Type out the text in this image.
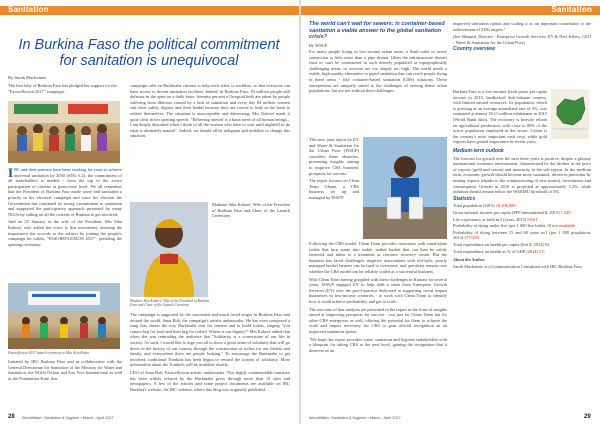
Sanitation
In Burkina Faso the political commitment for sanitation is unequivocal
By Sarah Mackenzie
The first lady of Burkina Faso has pledged her support for the "Fasoreflexion 2017" campaign.

IRC and their partners have been working for years to achieve universal sanitation by 2030 (SDG 6.2), the commitment of all stakeholders is needed - from the top to the active participation of citizens at grass-roots level. We all remember that the President of Burkina Faso made water and sanitation a priority in his electoral campaign and since his election the Government has continued its strong commitment to sanitation and supported the participatory approach promoted by many NGOs by calling on all the citizens of Burkina to get involved.

And on 25 January, in the wife of the President, Mrs Sika Kaboré, who added her voice to this movement, showing the importance she accords to the subject by joining the people's campaign for toilets, "FASOREFLEXION 2017", presiding the opening ceremony.

Fasoreflexion 2017 launch ceremony in Mac Aria Kaziri

Initiated by IRC Burkina Faso and in collaboration with the General Directorate for Sanitation of the Ministry for Water and Sanitation, the NGOs Oxfam and Eau Vive International as well as the Foundation Kiné, this

campaign calls on Burkinabe citizens to help each other, to mobilise, so that everyone can have access to decent sanitation facilities. Indeed, in Burkina Faso, 93 million people still defecate in the open on a daily basis. Seventy percent of hospital beds are taken by people suffering from illnesses caused by a lack of sanitation and every day 84 million women risk their safety, dignity and their health because they are forced to hide in the bush to relieve themselves. The situation is unacceptable and distressing; Mrs Kaboré made it quite clear in her opening speech: "Relieving oneself is a basic need of all human beings... I am deeply disturbed when I think of all the women who have to wait until nightfall to do what is ultimately natural". Indeed, we should all be indignant and mobilise to change this situation.

Madame Sika Kaboré, Wife of the President of Burkina Faso and Chair of the Launch Ceremony

Madame Sika Kaboré, Wife of the President of Burkina Faso and Chair of the Launch Ceremony.

The campaign is supported by the concerned and much loved singer in Burkina Faso and around the world, Sana Bob, the campaign's artistic ambassador. He has even composed a song that cheers the way Burkinabe sent for cement and to build toilets, singing "you cannot beg for food and then beg for toilets! Where is our dignity?" Mrs Kaboré added that when she was reminding the audience that "Solidarity is a cornerstone of our life in society. As such, I would like to urge you all to show a great sense of solidarity that will go down in the history of our country through the construction of toilets for our friends and family, and everywhere there are people looking." To encourage the Burkinabe to get involved, traditional Tombola has been begun to reward the actions of solidarity. More information about the Tombola will be available shortly.

CEO of Sana Bob, Fasoreflexion artistic ambassador. This highly commendable initiative has been widely relayed by the Burkinabe press through more than 15 sites and newspapers. A few of the articles and some project documents are available on IRC Burkina's website, the IRC website, where this blog was originally published.

28 WorldWater: Sanitation & Hygiene • March - April 2017
Sanitation
The world can't wait for sewers: Is container-based sanitation a viable answer to the global sanitation crisis?

By WSUP

For many people living in low-income urban areas, a flush toilet or sewer connection is little more than a pipe dream. Often the infrastructure doesn't exist or can't be constructed in such densely populated or topographically challenging areas, or services are too simply too high. The world needs a viable, high-quality alternative to piped sanitation that can reach people living in these areas - like container-based sanitation (CBS) solutions. These entrepreneur are uniquely suited to the challenges of serving dense urban populations, but are not without their challenges.

This new joint report by EY and Water & Sanitation for the Urban Poor (WSUP) considers these obstacles, presenting insights aiming to improve CBS business' prospects for success.

The report focuses on Clean Team Ghana, a CBS business set up and managed by WSUP.

Following the CBS model, Clean Team provides customers with stand-alone toilets that turn waste into stable, sealed bucket that can then be safely removed and taken to a treatment or resource recovery centre. But the business has faced challenges: negative associations with old-style, poorly managed bucket latrines can be hard to overcome, and questions remain over whether the CBS model can be reliably scaled as a successful business.

With Clean Team having grappled with these challenges in Kumasi for several years, WSUP engaged EY to help shift a team from Enterprise Growth Services (EY) over the proof-practice dedicated to supporting social impact businesses in low-income countries - to work with Clean Team to identify how it could achieve profitability and get to scale.

The outcome of that analysis are presented in the report in the form of insights aimed at improving prospects for success - not just for Clean Team but for other CBS enterprises as well, offering the potential for them to achieve the scale and impact necessary for CBS to gain official recognition as an improved sanitation option.

"We hope this report provides water, sanitation and hygiene stakeholders with a blueprint for taking CBS to the next level, gaining the recognition that it deserves as an

improved sanitation option and scaling it as an important contributor to the achievement of SDG targets."

(Joe Shepard, Director - Enterprise Growth Services, EY & Neil Jeffery, CEO - Water & Sanitation for the Urban Poor)

Country overview

Burkina Faso is a low-income (fault prone per capita income in 2015, landlocked Sub-Saharan country, with limited natural resources. Its population, which is growing at an average annualized rate of 3%, was estimated at almost 18.11 million inhabitants in 2015 (World Bank data). The economy is heavily reliant on agricultural production, with close to 80% of the active population employed in the sector. Cotton is the country's most important cash crop, while gold exports have gained importance in recent years.

Medium-term outlook

The forecast for growth over the next three years is positive, despite a gloomy international economic environment, characterized by the decline in the price of exports (gold and cotton) and insecurity in the sub-region. In the medium term, economic growth should become more sustained, driven in particular by mining exports (thanks to the commissioning of new mines), investments and consumption. Growth in 2016 is projected at approximately 5.2%, while inflation should remain below the WAEMU threshold of 3%.

Statistics
Total population (2015) 18,106,000
Gross national income per capita (PPP international $, 2015) 1,540
Life expectancy at birth m/f (years, 2015) 59/61
Probability of dying under five (per 1 000 live births, 0) not available
Probability of dying between 15 and 60 years m/f (per 1 000 population, 2013) 277/258
Total expenditure on health per capita (Intl $, 2014) 82
Total expenditure on health as % of GDP (2014) 5.0
About the Author

Sarah Mackenzie is a Communication Consultant with IRC Burkina Faso.

WorldWater: Sanitation & Hygiene • March - April 2017	29
